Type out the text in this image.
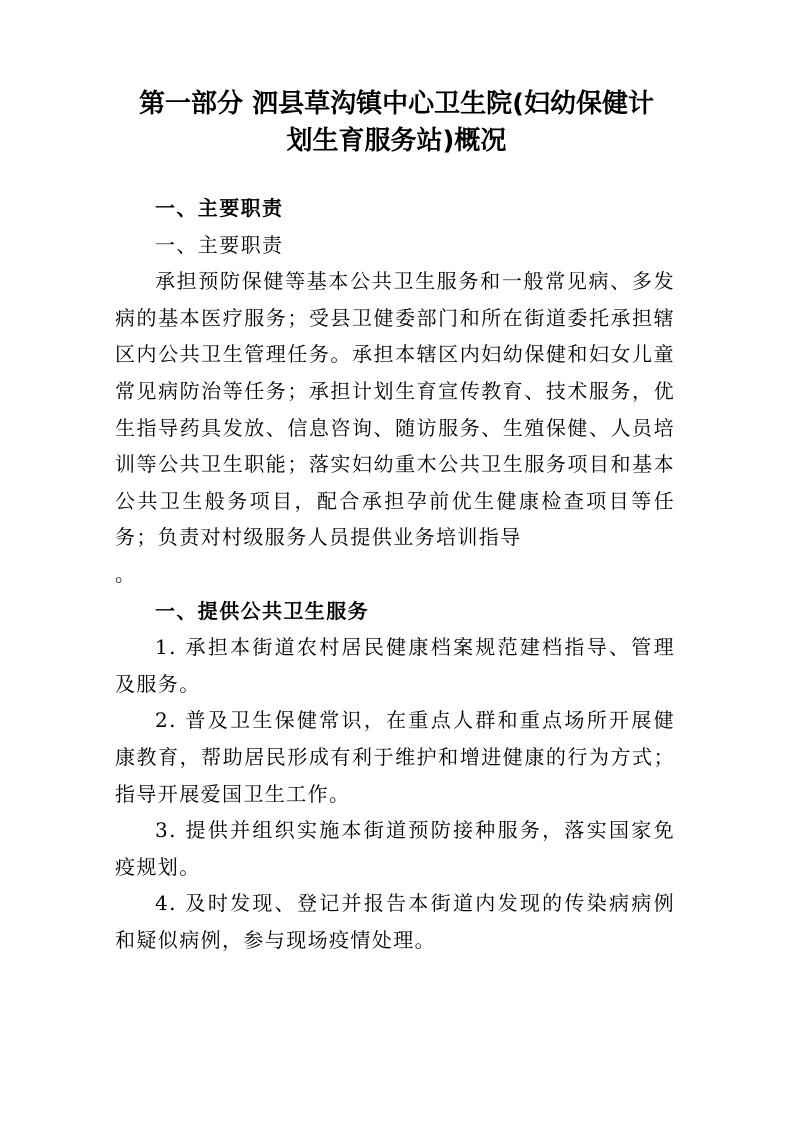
第一部分 泗县草沟镇中心卫生院(妇幼保健计
划生育服务站)概况

一、主要职责

一、主要职责

承担预防保健等基本公共卫生服务和一般常见病、多发病的基本医疗服务；受县卫健委部门和所在街道委托承担辖区内公共卫生管理任务。承担本辖区内妇幼保健和妇女儿童常见病防治等任务；承担计划生育宣传教育、技术服务，优生指导药具发放、信息咨询、随访服务、生殖保健、人员培训等公共卫生职能；落实妇幼重木公共卫生服务项目和基本公共卫生般务项目，配合承担孕前优生健康检查项目等任务；负责对村级服务人员提供业务培训指导

。

一、提供公共卫生服务

1. 承担本街道农村居民健康档案规范建档指导、管理及服务。

2. 普及卫生保健常识，在重点人群和重点场所开展健康教育，帮助居民形成有利于维护和增进健康的行为方式；指导开展爱国卫生工作。

3. 提供并组织实施本街道预防接种服务，落实国家免疫规划。

4. 及时发现、登记并报告本街道内发现的传染病病例和疑似病例，参与现场疫情处理。
